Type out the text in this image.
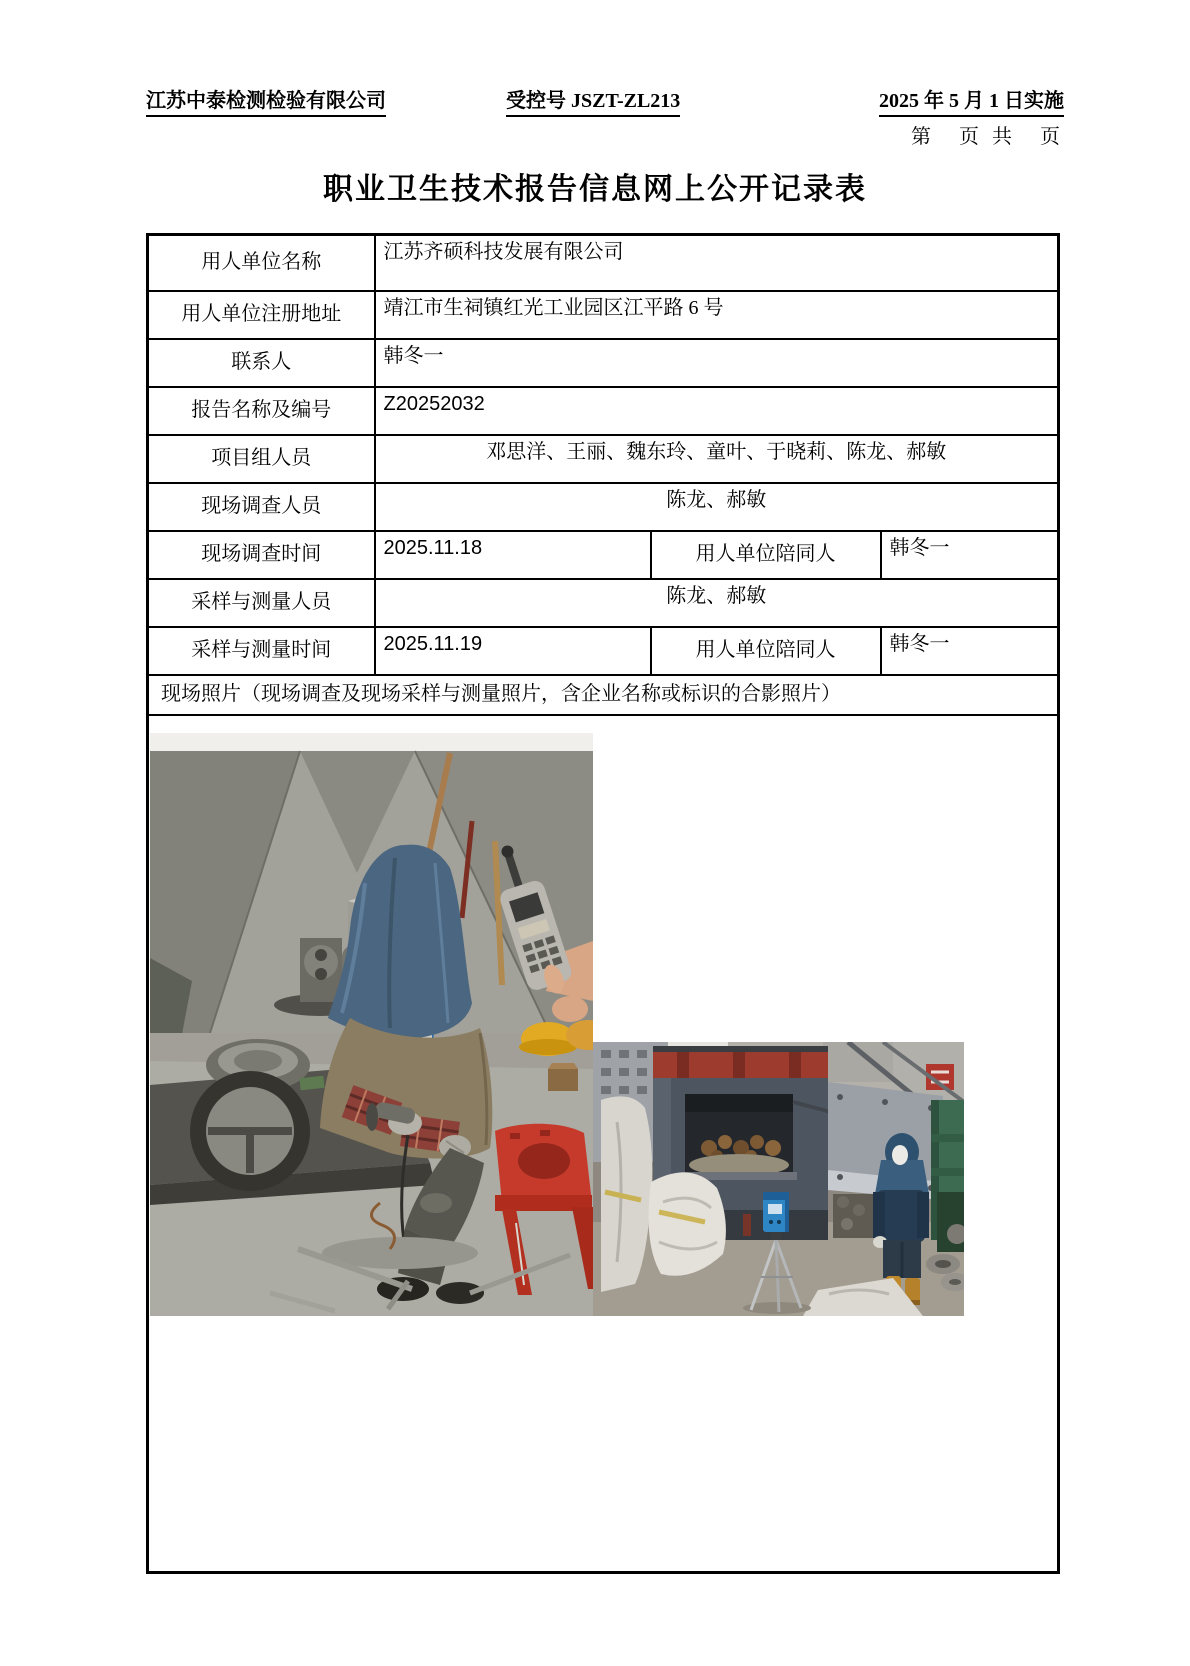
江苏中泰检测检验有限公司	受控号 JSZT-ZL213	2025 年 5 月 1 日实施
第　页 共　页
职业卫生技术报告信息网上公开记录表
用人单位名称	江苏齐硕科技发展有限公司		
用人单位注册地址	靖江市生祠镇红光工业园区江平路 6 号		
联系人	韩冬一		
报告名称及编号	Z20252032		
项目组人员	邓思洋、王丽、魏东玲、童叶、于晓莉、陈龙、郝敏		
现场调查人员	陈龙、郝敏		
现场调查时间	2025.11.18	用人单位陪同人	韩冬一
采样与测量人员	陈龙、郝敏		
采样与测量时间	2025.11.19	用人单位陪同人	韩冬一
现场照片（现场调查及现场采样与测量照片，含企业名称或标识的合影照片）			
